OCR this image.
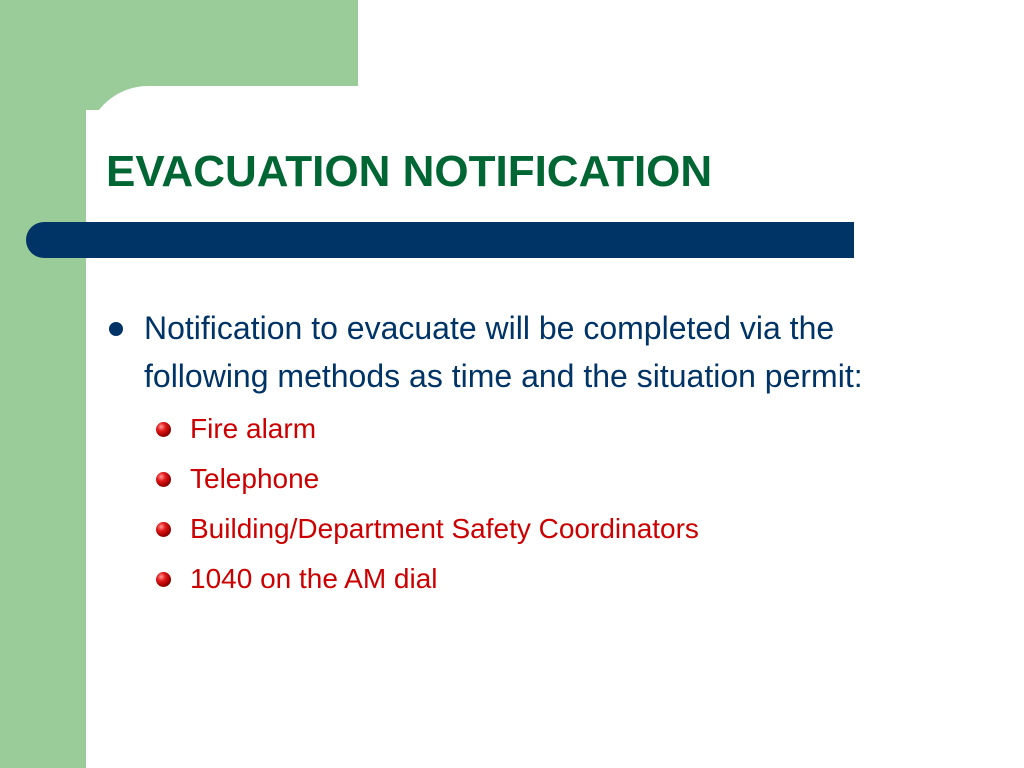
EVACUATION NOTIFICATION
Notification to evacuate will be completed via the following methods as time and the situation permit:
Fire alarm
Telephone
Building/Department Safety Coordinators
1040 on the AM dial
